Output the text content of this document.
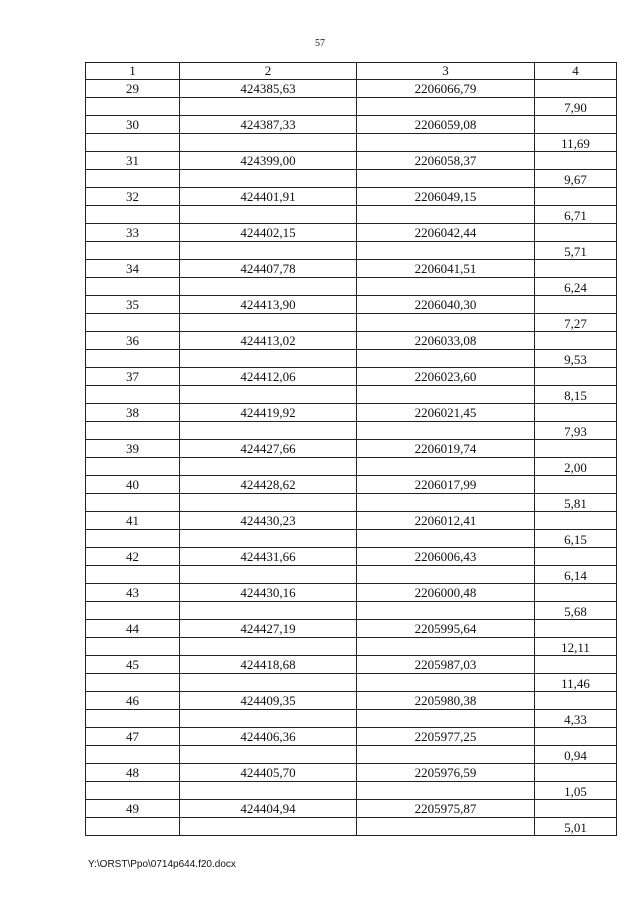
57
1	2	3	4
29	424385,63	2206066,79	
			7,90
30	424387,33	2206059,08	
			11,69
31	424399,00	2206058,37	
			9,67
32	424401,91	2206049,15	
			6,71
33	424402,15	2206042,44	
			5,71
34	424407,78	2206041,51	
			6,24
35	424413,90	2206040,30	
			7,27
36	424413,02	2206033,08	
			9,53
37	424412,06	2206023,60	
			8,15
38	424419,92	2206021,45	
			7,93
39	424427,66	2206019,74	
			2,00
40	424428,62	2206017,99	
			5,81
41	424430,23	2206012,41	
			6,15
42	424431,66	2206006,43	
			6,14
43	424430,16	2206000,48	
			5,68
44	424427,19	2205995,64	
			12,11
45	424418,68	2205987,03	
			11,46
46	424409,35	2205980,38	
			4,33
47	424406,36	2205977,25	
			0,94
48	424405,70	2205976,59	
			1,05
49	424404,94	2205975,87	
			5,01
Y:\ORST\Ppo\0714p644.f20.docx
